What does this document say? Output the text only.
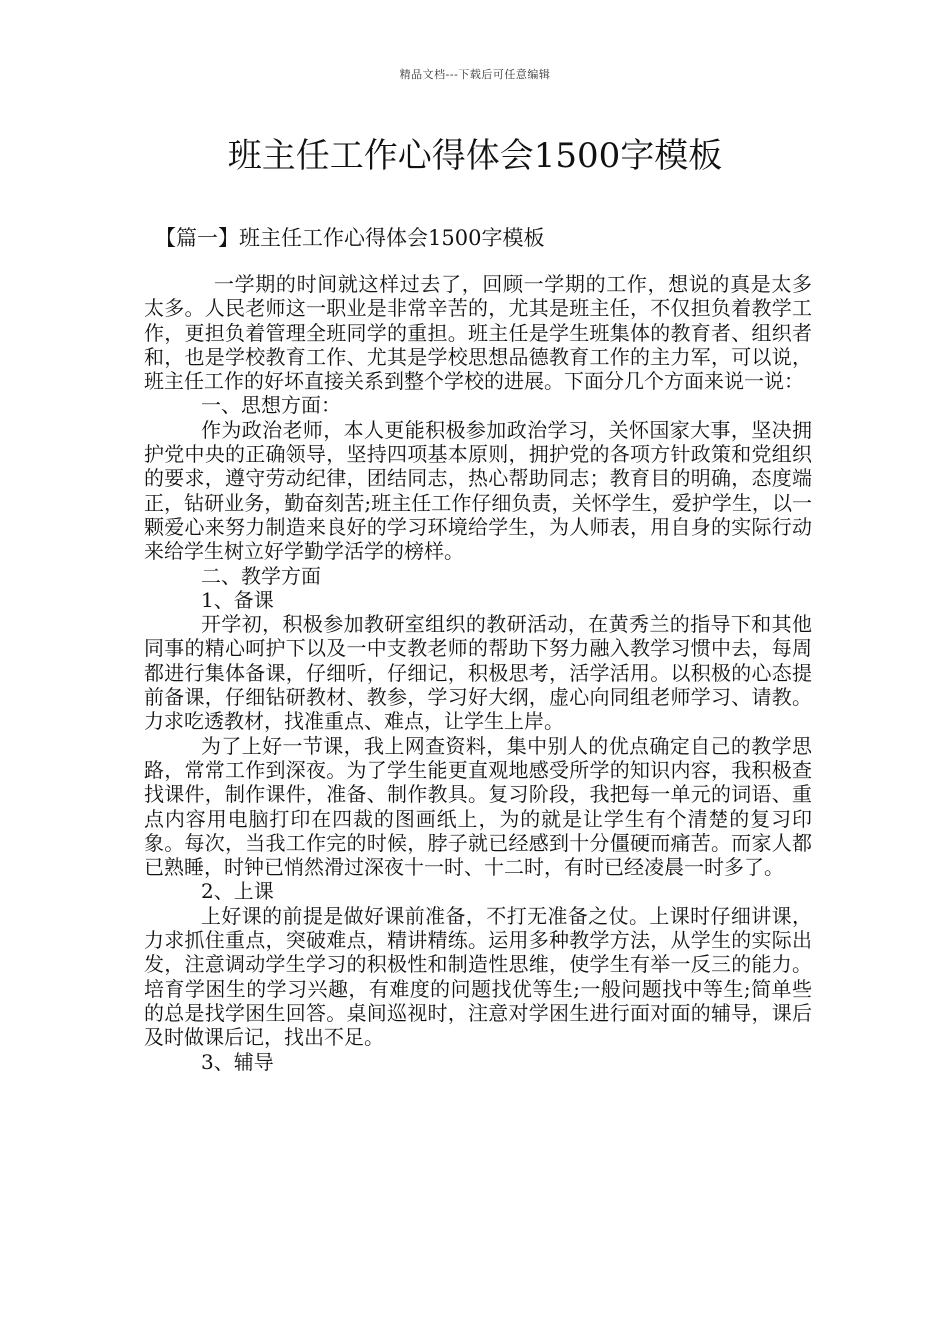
精品文档---下载后可任意编辑
班主任工作心得体会1500字模板
【篇一】班主任工作心得体会1500字模板

一学期的时间就这样过去了，回顾一学期的工作，想说的真是太多太多。人民老师这一职业是非常辛苦的，尤其是班主任，不仅担负着教学工作，更担负着管理全班同学的重担。班主任是学生班集体的教育者、组织者和，也是学校教育工作、尤其是学校思想品德教育工作的主力军，可以说，班主任工作的好坏直接关系到整个学校的进展。下面分几个方面来说一说：

一、思想方面：

作为政治老师，本人更能积极参加政治学习，关怀国家大事，坚决拥护党中央的正确领导，坚持四项基本原则，拥护党的各项方针政策和党组织的要求，遵守劳动纪律，团结同志，热心帮助同志；教育目的明确，态度端正，钻研业务，勤奋刻苦;班主任工作仔细负责，关怀学生，爱护学生，以一颗爱心来努力制造来良好的学习环境给学生，为人师表，用自身的实际行动来给学生树立好学勤学活学的榜样。

二、教学方面

1、备课

开学初，积极参加教研室组织的教研活动，在黄秀兰的指导下和其他同事的精心呵护下以及一中支教老师的帮助下努力融入教学习惯中去，每周都进行集体备课，仔细听，仔细记，积极思考，活学活用。以积极的心态提前备课，仔细钻研教材、教参，学习好大纲，虚心向同组老师学习、请教。力求吃透教材，找准重点、难点，让学生上岸。

为了上好一节课，我上网查资料，集中别人的优点确定自己的教学思路，常常工作到深夜。为了学生能更直观地感受所学的知识内容，我积极查找课件，制作课件，准备、制作教具。复习阶段，我把每一单元的词语、重点内容用电脑打印在四裁的图画纸上，为的就是让学生有个清楚的复习印象。每次，当我工作完的时候，脖子就已经感到十分僵硬而痛苦。而家人都已熟睡，时钟已悄然滑过深夜十一时、十二时，有时已经凌晨一时多了。

2、上课

上好课的前提是做好课前准备，不打无准备之仗。上课时仔细讲课，力求抓住重点，突破难点，精讲精练。运用多种教学方法，从学生的实际出发，注意调动学生学习的积极性和制造性思维，使学生有举一反三的能力。培育学困生的学习兴趣，有难度的问题找优等生;一般问题找中等生;简单些的总是找学困生回答。桌间巡视时，注意对学困生进行面对面的辅导，课后及时做课后记，找出不足。

3、辅导
